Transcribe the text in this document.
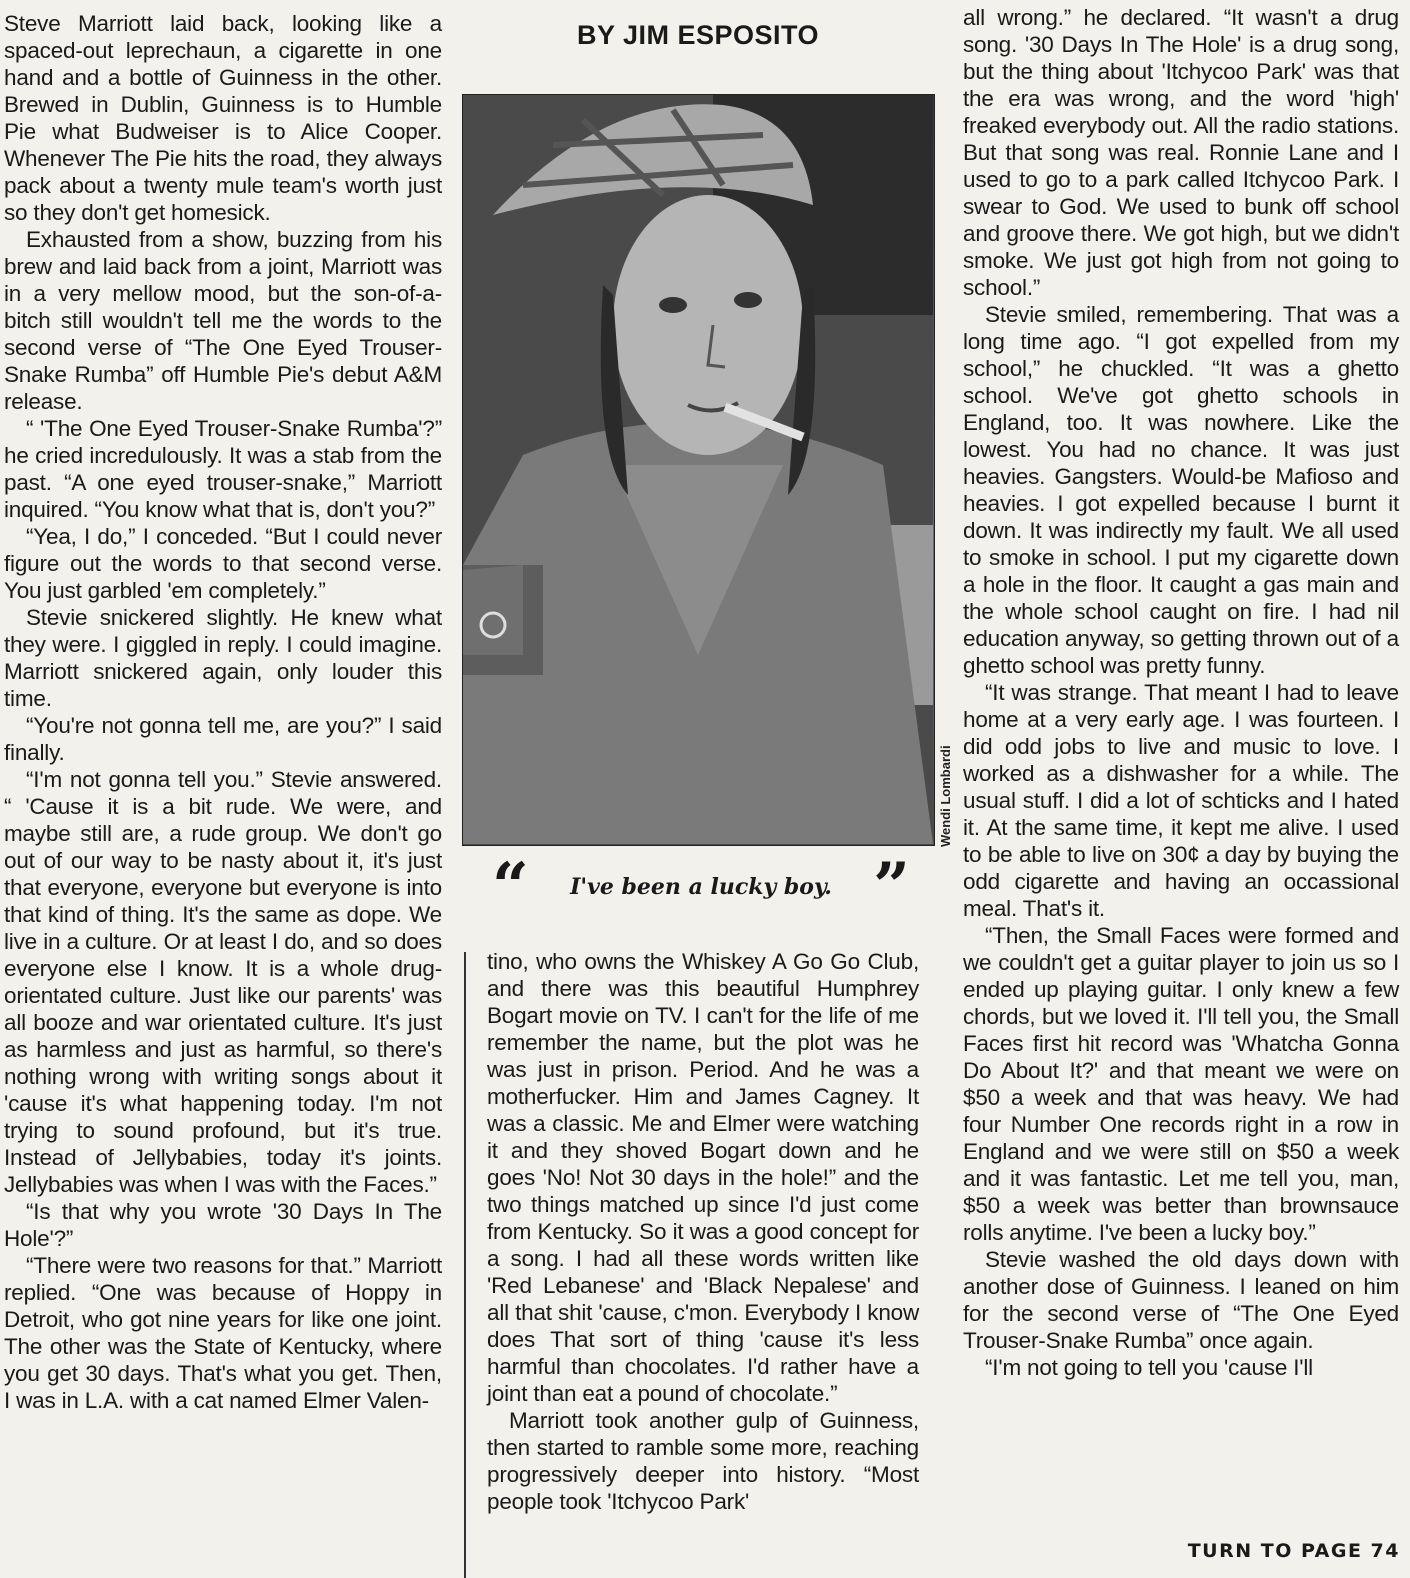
BY JIM ESPOSITO

Steve Marriott laid back, looking like a spaced-out leprechaun, a cigarette in one hand and a bottle of Guinness in the other. Brewed in Dublin, Guinness is to Humble Pie what Budweiser is to Alice Cooper. Whenever The Pie hits the road, they always pack about a twenty mule team's worth just so they don't get homesick.

Exhausted from a show, buzzing from his brew and laid back from a joint, Marriott was in a very mellow mood, but the son-of-a-bitch still wouldn't tell me the words to the second verse of “The One Eyed Trouser-Snake Rumba” off Humble Pie's debut A&M release.

“ 'The One Eyed Trouser-Snake Rumba'?” he cried incredulously. It was a stab from the past. “A one eyed trouser-snake,” Marriott inquired. “You know what that is, don't you?”

“Yea, I do,” I conceded. “But I could never figure out the words to that second verse. You just garbled 'em completely.”

Stevie snickered slightly. He knew what they were. I giggled in reply. I could imagine. Marriott snickered again, only louder this time.

“You're not gonna tell me, are you?” I said finally.

“I'm not gonna tell you.” Stevie answered. “ 'Cause it is a bit rude. We were, and maybe still are, a rude group. We don't go out of our way to be nasty about it, it's just that everyone, everyone but everyone is into that kind of thing. It's the same as dope. We live in a culture. Or at least I do, and so does everyone else I know. It is a whole drug-orientated culture. Just like our parents' was all booze and war orientated culture. It's just as harmless and just as harmful, so there's nothing wrong with writing songs about it 'cause it's what happening today. I'm not trying to sound profound, but it's true. Instead of Jellybabies, today it's joints. Jellybabies was when I was with the Faces.”

“Is that why you wrote '30 Days In The Hole'?”

“There were two reasons for that.” Marriott replied. “One was because of Hoppy in Detroit, who got nine years for like one joint. The other was the State of Kentucky, where you get 30 days. That's what you get. Then, I was in L.A. with a cat named Elmer Valen-

Wendi Lombardi
“ I've been a lucky boy. ”

tino, who owns the Whiskey A Go Go Club, and there was this beautiful Humphrey Bogart movie on TV. I can't for the life of me remember the name, but the plot was he was just in prison. Period. And he was a motherfucker. Him and James Cagney. It was a classic. Me and Elmer were watching it and they shoved Bogart down and he goes 'No! Not 30 days in the hole!” and the two things matched up since I'd just come from Kentucky. So it was a good concept for a song. I had all these words written like 'Red Lebanese' and 'Black Nepalese' and all that shit 'cause, c'mon. Everybody I know does That sort of thing 'cause it's less harmful than chocolates. I'd rather have a joint than eat a pound of chocolate.”

Marriott took another gulp of Guinness, then started to ramble some more, reaching progressively deeper into history. “Most people took 'Itchycoo Park'

all wrong.” he declared. “It wasn't a drug song. '30 Days In The Hole' is a drug song, but the thing about 'Itchycoo Park' was that the era was wrong, and the word 'high' freaked everybody out. All the radio stations. But that song was real. Ronnie Lane and I used to go to a park called Itchycoo Park. I swear to God. We used to bunk off school and groove there. We got high, but we didn't smoke. We just got high from not going to school.”

Stevie smiled, remembering. That was a long time ago. “I got expelled from my school,” he chuckled. “It was a ghetto school. We've got ghetto schools in England, too. It was nowhere. Like the lowest. You had no chance. It was just heavies. Gangsters. Would-be Mafioso and heavies. I got expelled because I burnt it down. It was indirectly my fault. We all used to smoke in school. I put my cigarette down a hole in the floor. It caught a gas main and the whole school caught on fire. I had nil education anyway, so getting thrown out of a ghetto school was pretty funny.

“It was strange. That meant I had to leave home at a very early age. I was fourteen. I did odd jobs to live and music to love. I worked as a dishwasher for a while. The usual stuff. I did a lot of schticks and I hated it. At the same time, it kept me alive. I used to be able to live on 30¢ a day by buying the odd cigarette and having an occassional meal. That's it.

“Then, the Small Faces were formed and we couldn't get a guitar player to join us so I ended up playing guitar. I only knew a few chords, but we loved it. I'll tell you, the Small Faces first hit record was 'Whatcha Gonna Do About It?' and that meant we were on $50 a week and that was heavy. We had four Number One records right in a row in England and we were still on $50 a week and it was fantastic. Let me tell you, man, $50 a week was better than brownsauce rolls anytime. I've been a lucky boy.”

Stevie washed the old days down with another dose of Guinness. I leaned on him for the second verse of “The One Eyed Trouser-Snake Rumba” once again.

“I'm not going to tell you 'cause I'll

TURN TO PAGE 74
